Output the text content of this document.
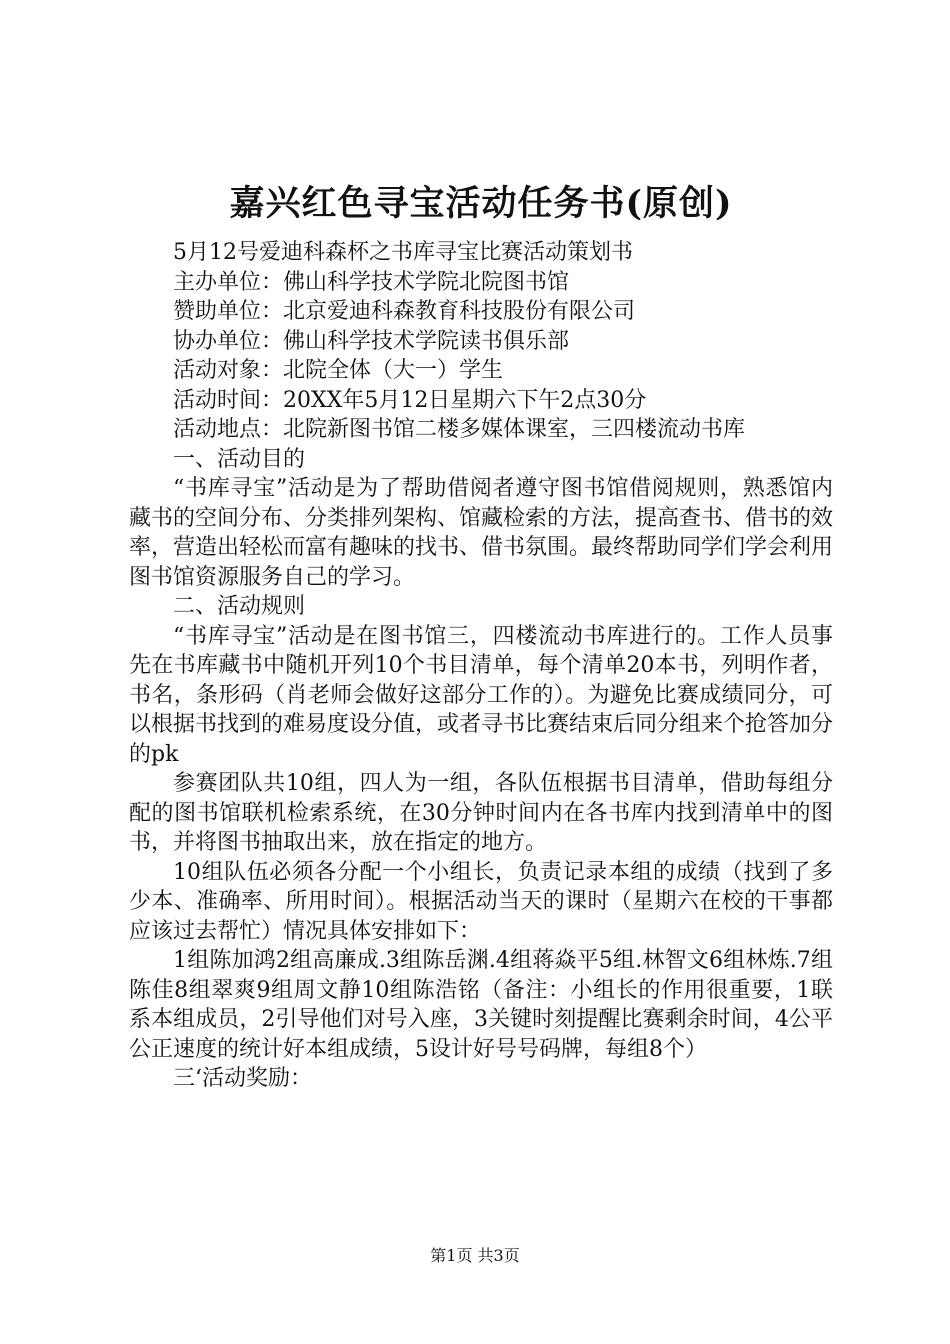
嘉兴红色寻宝活动任务书(原创)
5月12号爱迪科森杯之书库寻宝比赛活动策划书
主办单位：佛山科学技术学院北院图书馆
赞助单位：北京爱迪科森教育科技股份有限公司
协办单位：佛山科学技术学院读书俱乐部
活动对象：北院全体（大一）学生
活动时间：20XX年5月12日星期六下午2点30分
活动地点：北院新图书馆二楼多媒体课室，三四楼流动书库
一、活动目的
“书库寻宝”活动是为了帮助借阅者遵守图书馆借阅规则，熟悉馆内藏书的空间分布、分类排列架构、馆藏检索的方法，提高查书、借书的效率，营造出轻松而富有趣味的找书、借书氛围。最终帮助同学们学会利用图书馆资源服务自己的学习。
二、活动规则
“书库寻宝”活动是在图书馆三，四楼流动书库进行的。工作人员事先在书库藏书中随机开列10个书目清单，每个清单20本书，列明作者，书名，条形码（肖老师会做好这部分工作的）。为避免比赛成绩同分，可以根据书找到的难易度设分值，或者寻书比赛结束后同分组来个抢答加分的pk
参赛团队共10组，四人为一组，各队伍根据书目清单，借助每组分配的图书馆联机检索系统，在30分钟时间内在各书库内找到清单中的图书，并将图书抽取出来，放在指定的地方。
10组队伍必须各分配一个小组长，负责记录本组的成绩（找到了多少本、准确率、所用时间）。根据活动当天的课时（星期六在校的干事都应该过去帮忙）情况具体安排如下：
1组陈加鸿2组高廉成.3组陈岳渊.4组蒋焱平5组.林智文6组林炼.7组陈佳8组翠爽9组周文静10组陈浩铭（备注：小组长的作用很重要，1联系本组成员，2引导他们对号入座，3关键时刻提醒比赛剩余时间，4公平公正速度的统计好本组成绩，5设计好号号码牌，每组8个）
三‘活动奖励：
第1页 共3页
